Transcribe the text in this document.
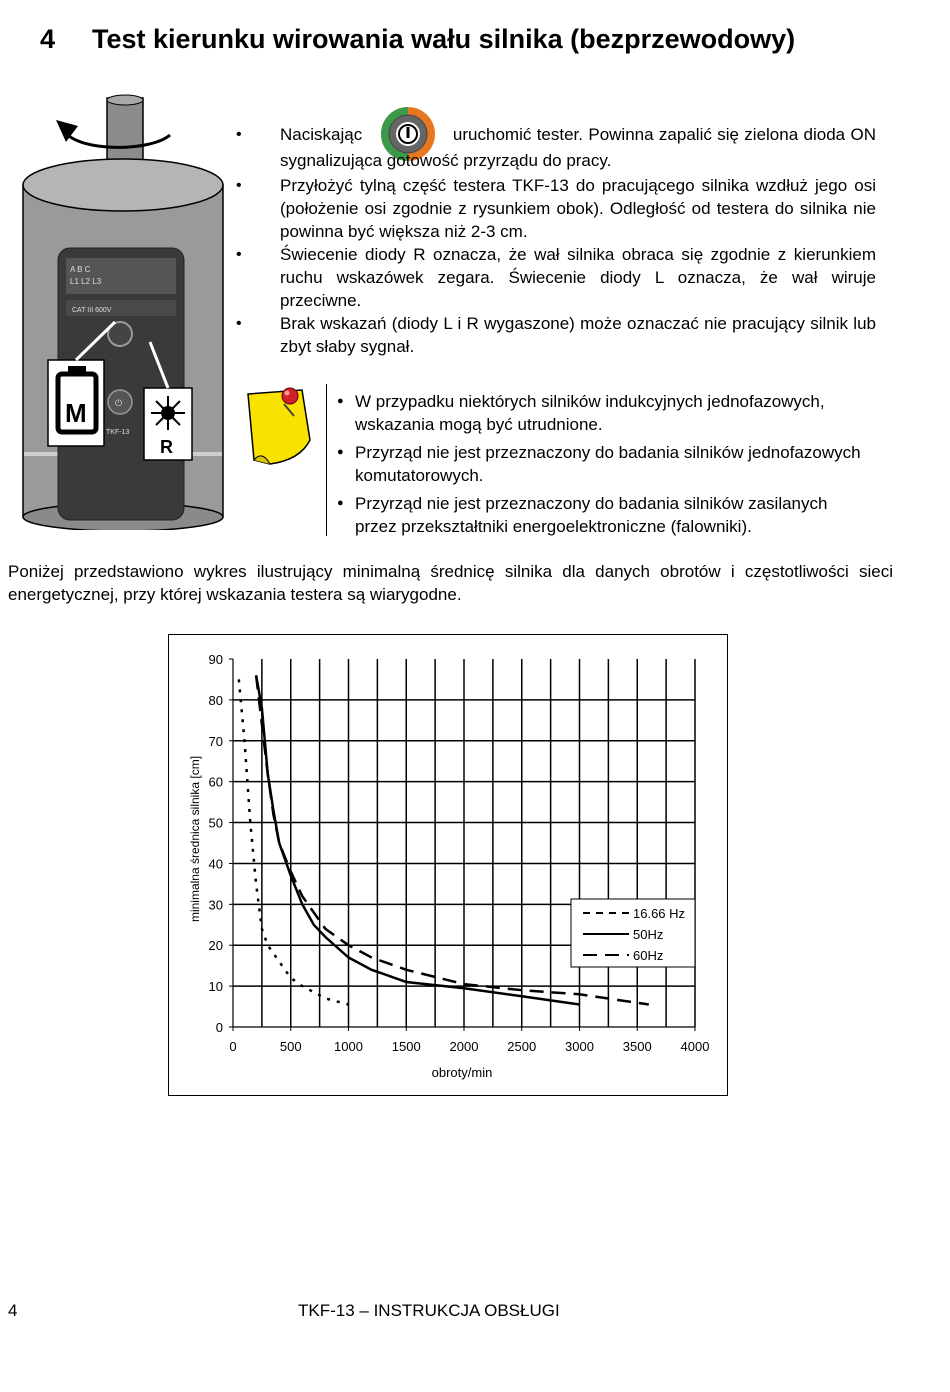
4 Test kierunku wirowania wału silnika (bezprzewodowy)
A B C
L1 L2 L3
CAT III 600V
⏻
TKF-13
M
R
• Naciskając	uruchomić tester. Powinna zapalić się zielona dioda ON sygnalizująca gotowość przyrządu do pracy.
• Przyłożyć tylną część testera TKF-13 do pracującego silnika wzdłuż jego osi (położenie osi zgodnie z rysunkiem obok). Odległość od testera do silnika nie powinna być większa niż 2-3 cm.
• Świecenie diody R oznacza, że wał silnika obraca się zgodnie z kierunkiem ruchu wskazówek zegara. Świecenie diody L oznacza, że wał wiruje przeciwne.
• Brak wskazań (diody L i R wygaszone) może oznaczać nie pracujący silnik lub zbyt słaby sygnał.
● W przypadku niektórych silników indukcyjnych jednofazowych, wskazania mogą być utrudnione.
● Przyrząd nie jest przeznaczony do badania silników jednofazowych komutatorowych.
● Przyrząd nie jest przeznaczony do badania silników zasilanych przez przekształtniki energoelektroniczne (falowniki).
Poniżej przedstawiono wykres ilustrujący minimalną średnicę silnika dla danych obrotów i częstotliwości sieci energetycznej, przy której wskazania testera są wiarygodne.
0
10
20
30
40
50
60
70
80
90
0	500 1000 1500 2000 2500 3000 3500 4000
obroty/min
minimalna średnica silnika [cm]	16.66 Hz
50Hz
60Hz
4	TKF-13 – INSTRUKCJA OBSŁUGI
